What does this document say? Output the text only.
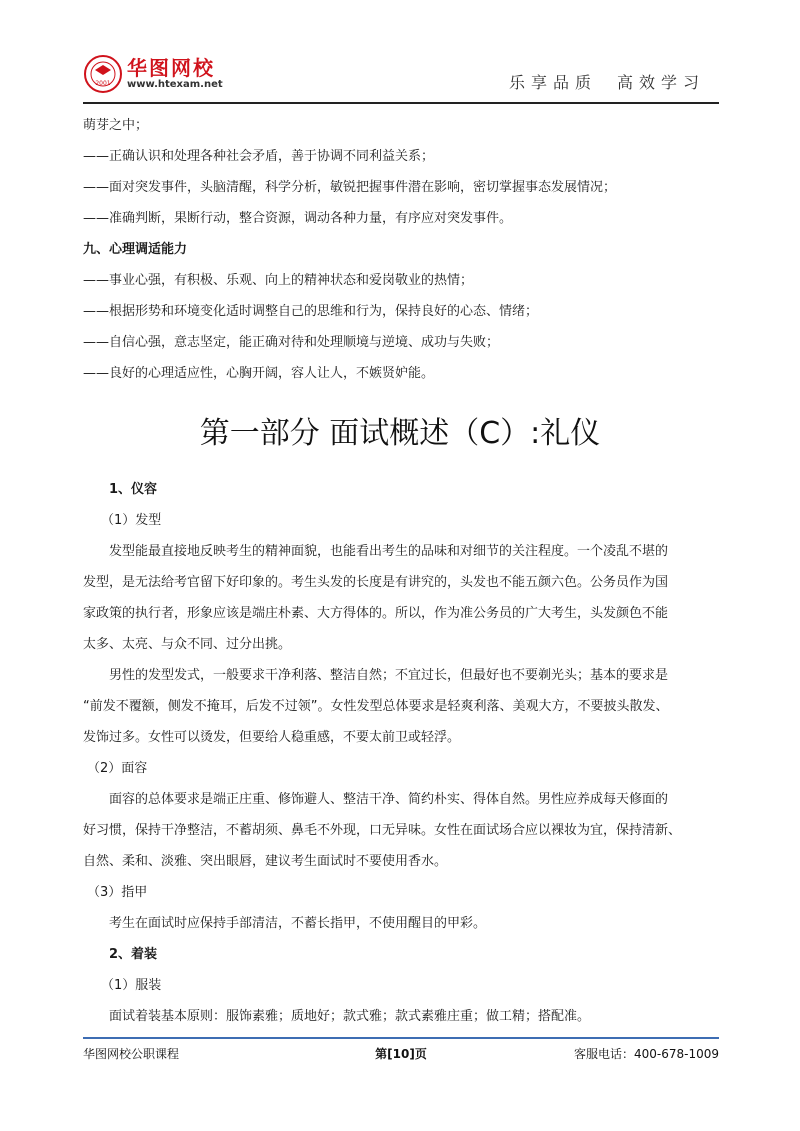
2001
华图网校
www.htexam.net	乐享品质 高效学习
萌芽之中；
——正确认识和处理各种社会矛盾，善于协调不同利益关系；
——面对突发事件，头脑清醒，科学分析，敏锐把握事件潜在影响，密切掌握事态发展情况；
——准确判断，果断行动，整合资源，调动各种力量，有序应对突发事件。
九、心理调适能力
——事业心强，有积极、乐观、向上的精神状态和爱岗敬业的热情；
——根据形势和环境变化适时调整自己的思维和行为，保持良好的心态、情绪；
——自信心强，意志坚定，能正确对待和处理顺境与逆境、成功与失败；
——良好的心理适应性，心胸开阔，容人让人，不嫉贤妒能。
第一部分 面试概述（C）:礼仪
1、仪容
（1）发型
发型能最直接地反映考生的精神面貌，也能看出考生的品味和对细节的关注程度。一个凌乱不堪的
发型，是无法给考官留下好印象的。考生头发的长度是有讲究的，头发也不能五颜六色。公务员作为国
家政策的执行者，形象应该是端庄朴素、大方得体的。所以，作为准公务员的广大考生，头发颜色不能
太多、太亮、与众不同、过分出挑。
男性的发型发式，一般要求干净利落、整洁自然；不宜过长，但最好也不要剃光头；基本的要求是
“前发不覆额，侧发不掩耳，后发不过领”。女性发型总体要求是轻爽利落、美观大方，不要披头散发、
发饰过多。女性可以烫发，但要给人稳重感，不要太前卫或轻浮。
（2）面容
面容的总体要求是端正庄重、修饰避人、整洁干净、简约朴实、得体自然。男性应养成每天修面的
好习惯，保持干净整洁，不蓄胡须、鼻毛不外现，口无异味。女性在面试场合应以裸妆为宜，保持清新、
自然、柔和、淡雅、突出眼唇，建议考生面试时不要使用香水。
（3）指甲
考生在面试时应保持手部清洁，不蓄长指甲，不使用醒目的甲彩。
2、着装
（1）服装
面试着装基本原则：服饰素雅；质地好；款式雅；款式素雅庄重；做工精；搭配准。
华图网校公职课程	第[10]页	客服电话：400-678-1009
